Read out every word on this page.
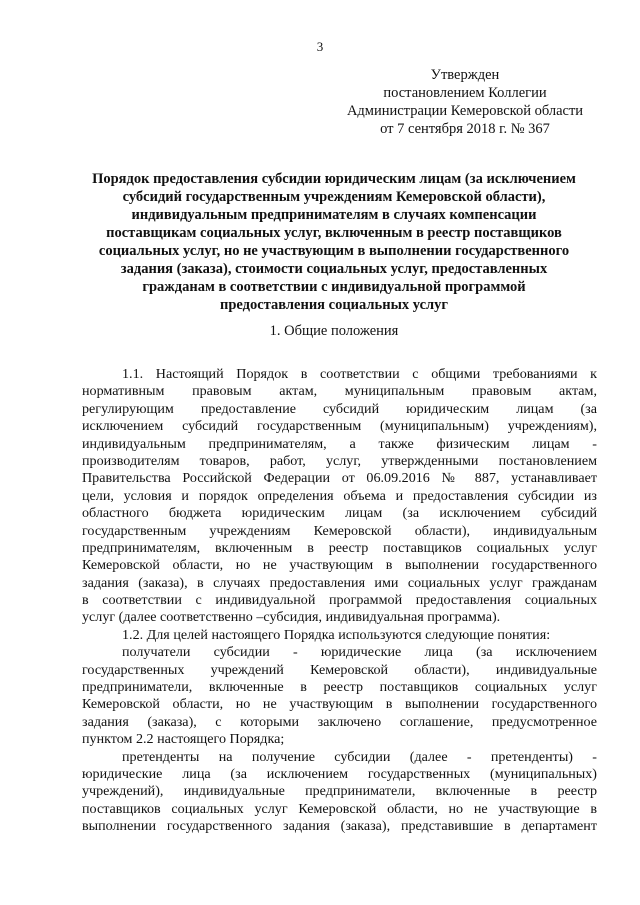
3
Утвержден
постановлением Коллегии
Администрации Кемеровской области
от 7 сентября 2018 г. № 367
Порядок предоставления субсидии юридическим лицам (за исключением
субсидий государственным учреждениям Кемеровской области),
индивидуальным предпринимателям в случаях компенсации
поставщикам социальных услуг, включенным в реестр поставщиков
социальных услуг, но не участвующим в выполнении государственного
задания (заказа), стоимости социальных услуг, предоставленных
гражданам в соответствии с индивидуальной программой
предоставления социальных услуг
1. Общие положения
1.1. Настоящий Порядок в соответствии с общими требованиями к
нормативным правовым актам, муниципальным правовым актам,
регулирующим предоставление субсидий юридическим лицам (за
исключением субсидий государственным (муниципальным) учреждениям),
индивидуальным предпринимателям, а также физическим лицам -
производителям товаров, работ, услуг, утвержденными постановлением
Правительства Российской Федерации от 06.09.2016 № 887, устанавливает
цели, условия и порядок определения объема и предоставления субсидии из
областного бюджета юридическим лицам (за исключением субсидий
государственным учреждениям Кемеровской области), индивидуальным
предпринимателям, включенным в реестр поставщиков социальных услуг
Кемеровской области, но не участвующим в выполнении государственного
задания (заказа), в случаях предоставления ими социальных услуг гражданам
в соответствии с индивидуальной программой предоставления социальных
услуг (далее соответственно –субсидия, индивидуальная программа).
1.2. Для целей настоящего Порядка используются следующие понятия:
получатели субсидии - юридические лица (за исключением
государственных учреждений Кемеровской области), индивидуальные
предприниматели, включенные в реестр поставщиков социальных услуг
Кемеровской области, но не участвующим в выполнении государственного
задания (заказа), с которыми заключено соглашение, предусмотренное
пунктом 2.2 настоящего Порядка;
претенденты на получение субсидии (далее - претенденты) -
юридические лица (за исключением государственных (муниципальных)
учреждений), индивидуальные предприниматели, включенные в реестр
поставщиков социальных услуг Кемеровской области, но не участвующие в
выполнении государственного задания (заказа), представившие в департамент
